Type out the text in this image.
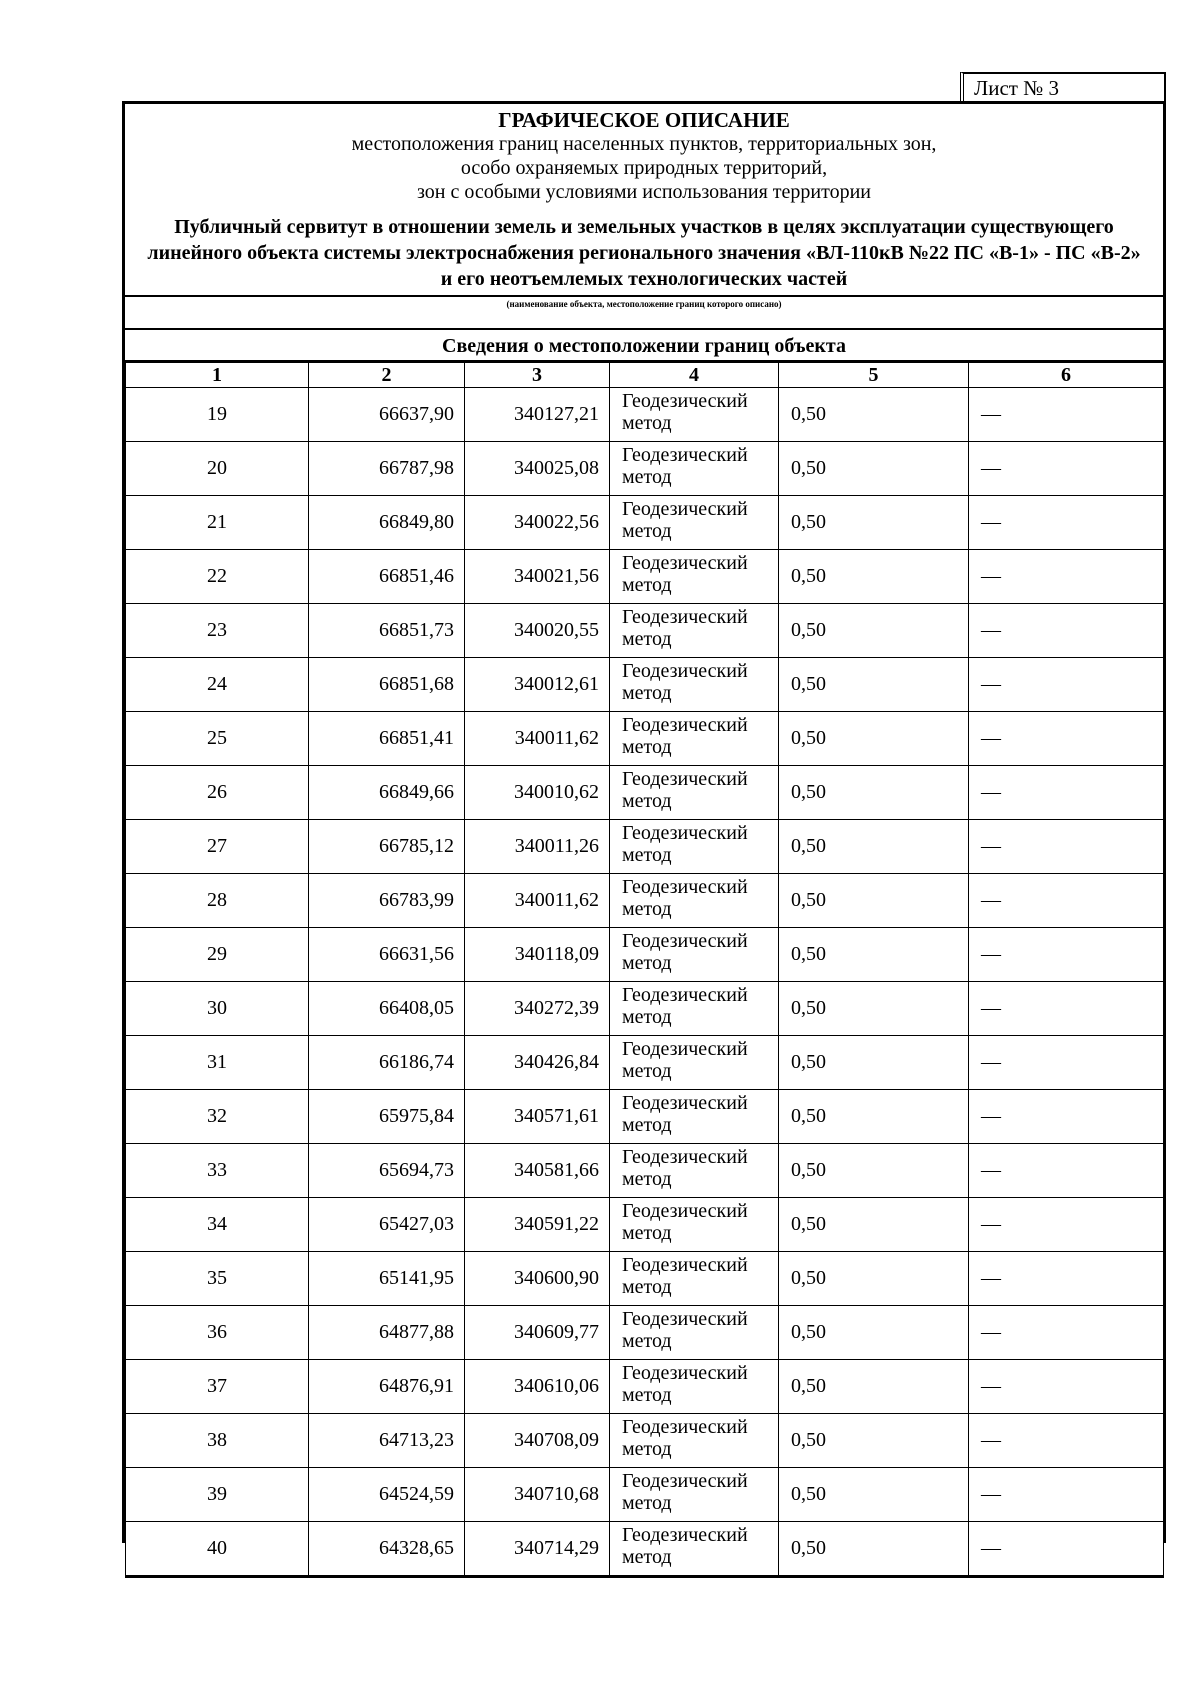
Лист № 3
ГРАФИЧЕСКОЕ ОПИСАНИЕ
местоположения границ населенных пунктов, территориальных зон,
особо охраняемых природных территорий,
зон с особыми условиями использования территории
Публичный сервитут в отношении земель и земельных участков в целях эксплуатации существующего линейного объекта системы электроснабжения регионального значения «ВЛ-110кВ №22 ПС «В-1» - ПС «В-2» и его неотъемлемых технологических частей
(наименование объекта, местоположение границ которого описано)
Сведения о местоположении границ объекта
1	2	3	4	5	6
19	66637,90	340127,21	Геодезический метод	0,50	—
20	66787,98	340025,08	Геодезический метод	0,50	—
21	66849,80	340022,56	Геодезический метод	0,50	—
22	66851,46	340021,56	Геодезический метод	0,50	—
23	66851,73	340020,55	Геодезический метод	0,50	—
24	66851,68	340012,61	Геодезический метод	0,50	—
25	66851,41	340011,62	Геодезический метод	0,50	—
26	66849,66	340010,62	Геодезический метод	0,50	—
27	66785,12	340011,26	Геодезический метод	0,50	—
28	66783,99	340011,62	Геодезический метод	0,50	—
29	66631,56	340118,09	Геодезический метод	0,50	—
30	66408,05	340272,39	Геодезический метод	0,50	—
31	66186,74	340426,84	Геодезический метод	0,50	—
32	65975,84	340571,61	Геодезический метод	0,50	—
33	65694,73	340581,66	Геодезический метод	0,50	—
34	65427,03	340591,22	Геодезический метод	0,50	—
35	65141,95	340600,90	Геодезический метод	0,50	—
36	64877,88	340609,77	Геодезический метод	0,50	—
37	64876,91	340610,06	Геодезический метод	0,50	—
38	64713,23	340708,09	Геодезический метод	0,50	—
39	64524,59	340710,68	Геодезический метод	0,50	—
40	64328,65	340714,29	Геодезический метод	0,50	—
